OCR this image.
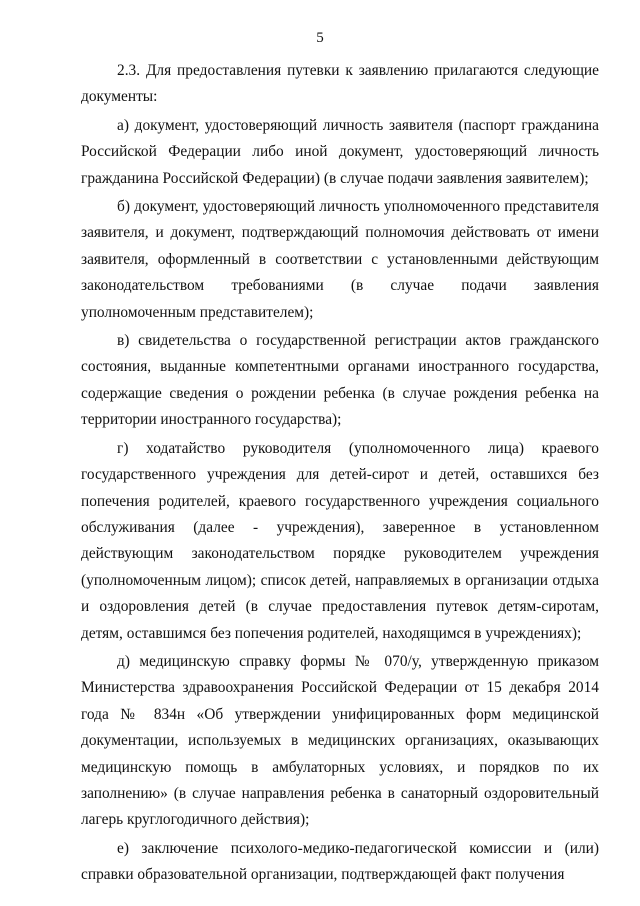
5

2.3. Для предоставления путевки к заявлению прилагаются следующие документы:

а) документ, удостоверяющий личность заявителя (паспорт гражданина Российской Федерации либо иной документ, удостоверяющий личность гражданина Российской Федерации) (в случае подачи заявления заявителем);

б) документ, удостоверяющий личность уполномоченного представителя заявителя, и документ, подтверждающий полномочия действовать от имени заявителя, оформленный в соответствии с установленными действующим законодательством требованиями (в случае подачи заявления уполномоченным представителем);

в) свидетельства о государственной регистрации актов гражданского состояния, выданные компетентными органами иностранного государства, содержащие сведения о рождении ребенка (в случае рождения ребенка на территории иностранного государства);

г) ходатайство руководителя (уполномоченного лица) краевого государственного учреждения для детей-сирот и детей, оставшихся без попечения родителей, краевого государственного учреждения социального обслуживания (далее - учреждения), заверенное в установленном действующим законодательством порядке руководителем учреждения (уполномоченным лицом); список детей, направляемых в организации отдыха и оздоровления детей (в случае предоставления путевок детям-сиротам, детям, оставшимся без попечения родителей, находящимся в учреждениях);

д) медицинскую справку формы № 070/у, утвержденную приказом Министерства здравоохранения Российской Федерации от 15 декабря 2014 года № 834н «Об утверждении унифицированных форм медицинской документации, используемых в медицинских организациях, оказывающих медицинскую помощь в амбулаторных условиях, и порядков по их заполнению» (в случае направления ребенка в санаторный оздоровительный лагерь круглогодичного действия);

е) заключение психолого-медико-педагогической комиссии и (или) справки образовательной организации, подтверждающей факт получения
